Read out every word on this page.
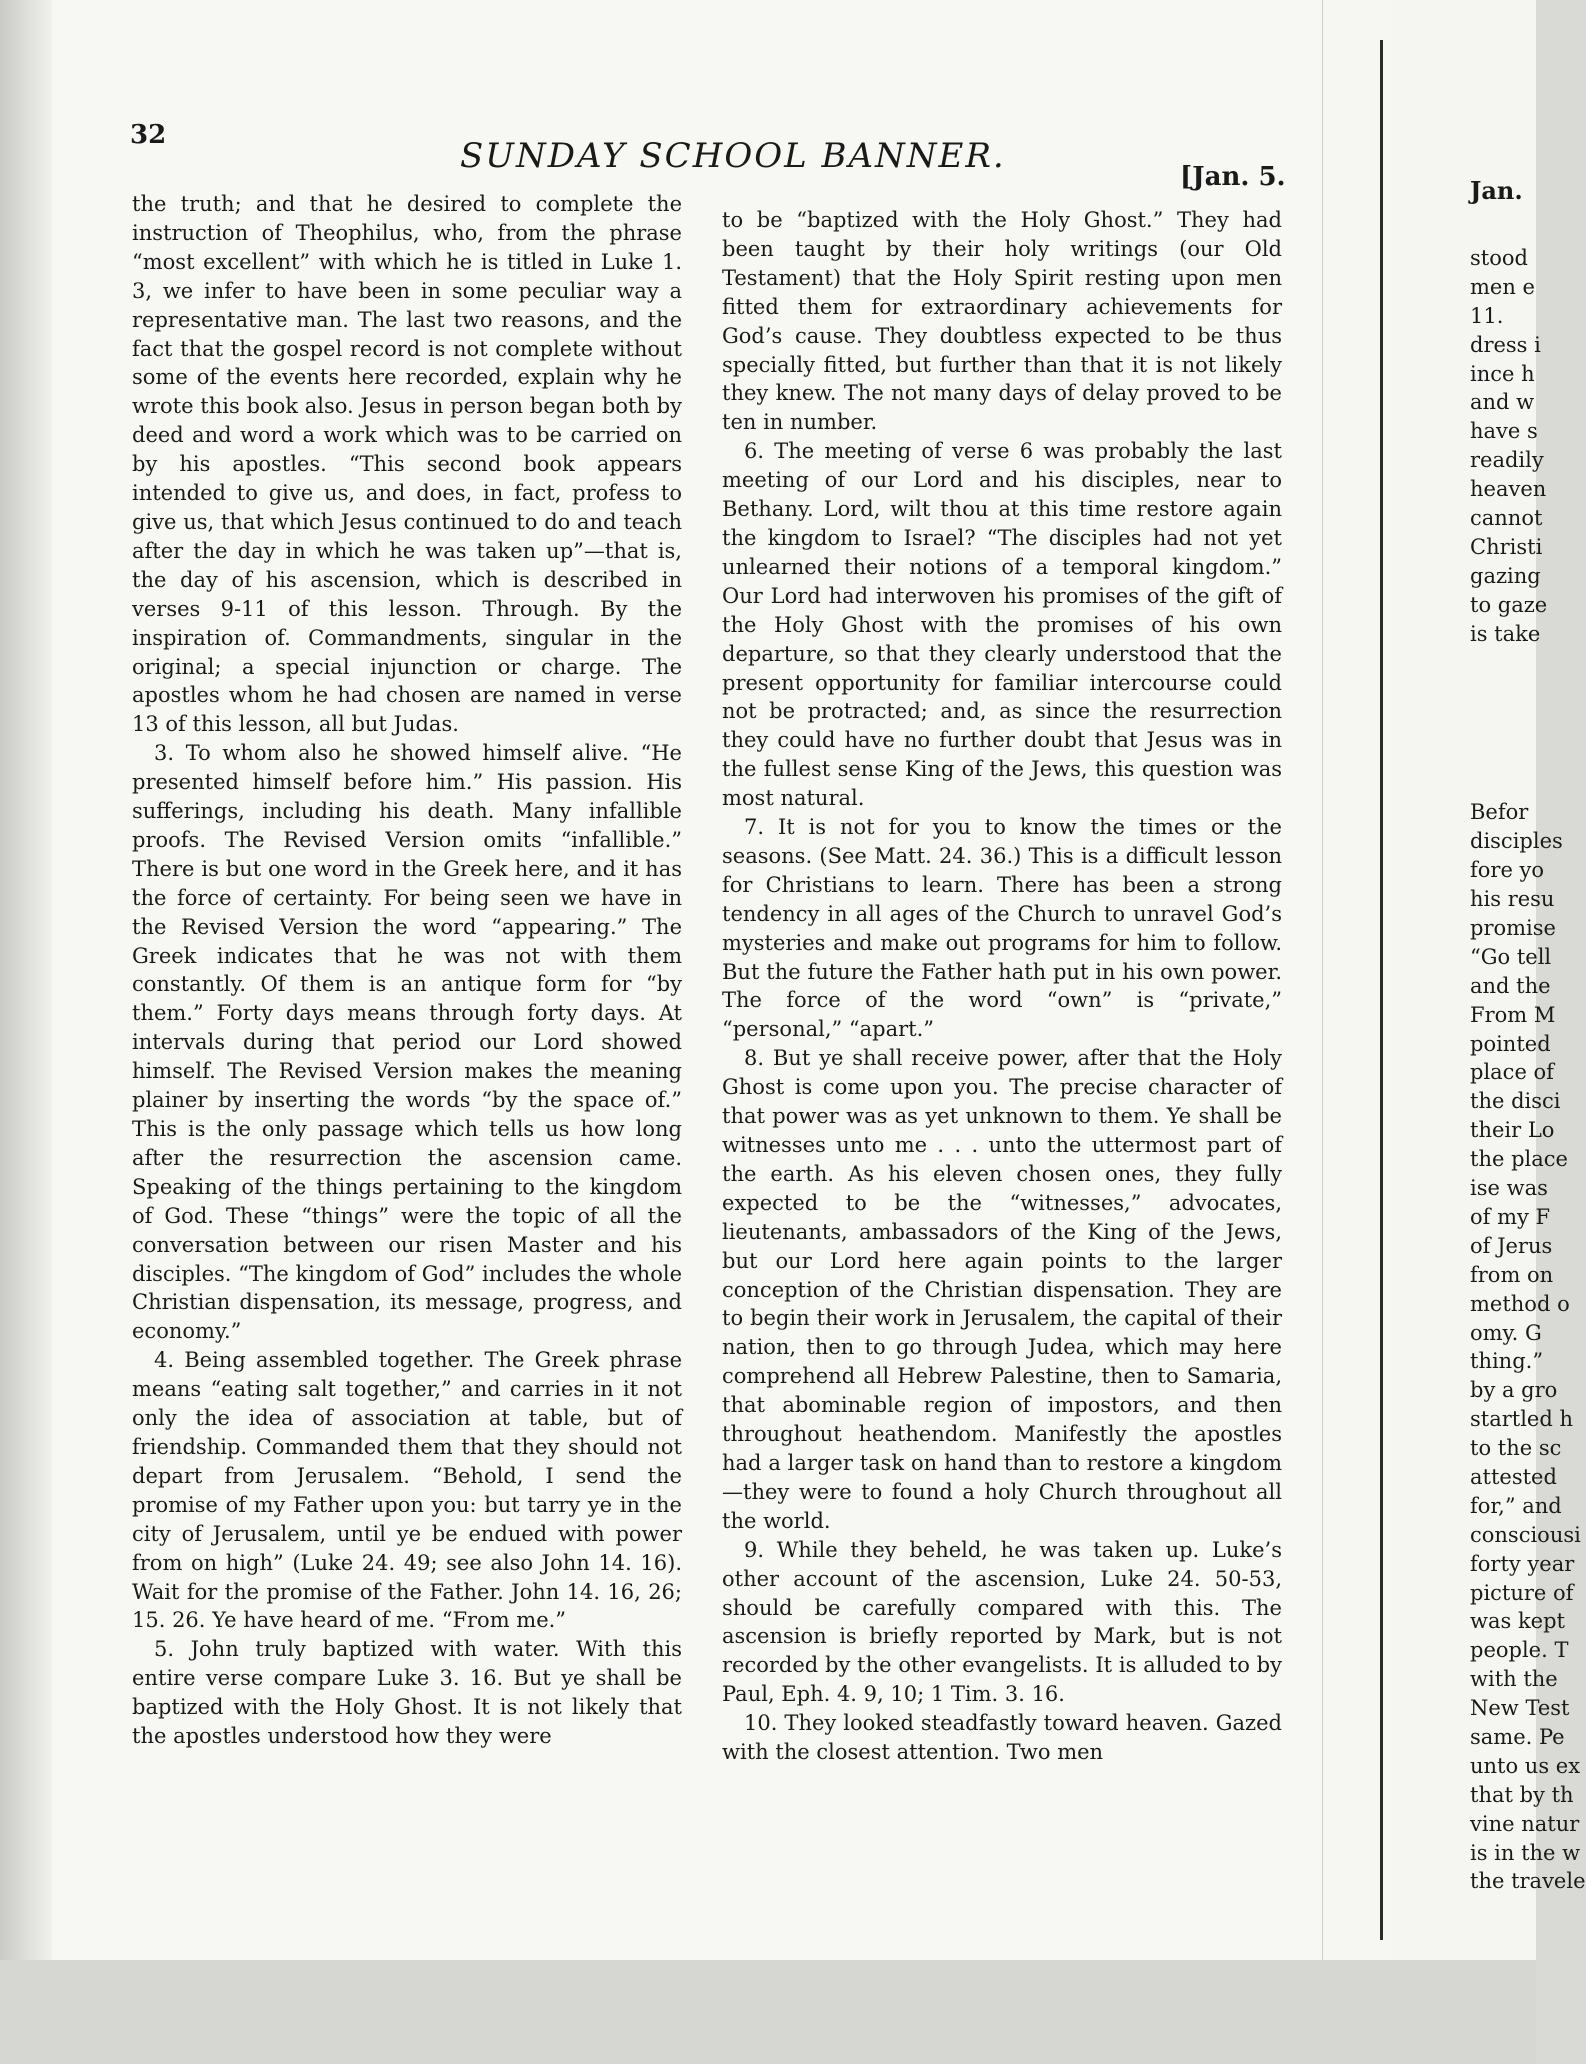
32
SUNDAY SCHOOL BANNER.
[Jan. 5.

the truth; and that he desired to complete the instruction of Theophilus, who, from the phrase “most excellent” with which he is titled in Luke 1. 3, we infer to have been in some peculiar way a representative man. The last two reasons, and the fact that the gospel record is not complete without some of the events here recorded, explain why he wrote this book also. Jesus in person began both by deed and word a work which was to be carried on by his apostles. “This second book appears intended to give us, and does, in fact, profess to give us, that which Jesus continued to do and teach after the day in which he was taken up”—that is, the day of his ascension, which is described in verses 9-11 of this lesson. Through. By the inspiration of. Commandments, singular in the original; a special injunction or charge. The apostles whom he had chosen are named in verse 13 of this lesson, all but Judas.

3. To whom also he showed himself alive. “He presented himself before him.” His passion. His sufferings, including his death. Many infallible proofs. The Revised Version omits “infallible.” There is but one word in the Greek here, and it has the force of certainty. For being seen we have in the Revised Version the word “appearing.” The Greek indicates that he was not with them constantly. Of them is an antique form for “by them.” Forty days means through forty days. At intervals during that period our Lord showed himself. The Revised Version makes the meaning plainer by inserting the words “by the space of.” This is the only passage which tells us how long after the resurrection the ascension came. Speaking of the things pertaining to the kingdom of God. These “things” were the topic of all the conversation between our risen Master and his disciples. “The kingdom of God” includes the whole Christian dispensation, its message, progress, and economy.”

4. Being assembled together. The Greek phrase means “eating salt together,” and carries in it not only the idea of association at table, but of friendship. Commanded them that they should not depart from Jerusalem. “Behold, I send the promise of my Father upon you: but tarry ye in the city of Jerusalem, until ye be endued with power from on high” (Luke 24. 49; see also John 14. 16). Wait for the promise of the Father. John 14. 16, 26; 15. 26. Ye have heard of me. “From me.”

5. John truly baptized with water. With this entire verse compare Luke 3. 16. But ye shall be baptized with the Holy Ghost. It is not likely that the apostles understood how they were

to be “baptized with the Holy Ghost.” They had been taught by their holy writings (our Old Testament) that the Holy Spirit resting upon men fitted them for extraordinary achievements for God’s cause. They doubtless expected to be thus specially fitted, but further than that it is not likely they knew. The not many days of delay proved to be ten in number.

6. The meeting of verse 6 was probably the last meeting of our Lord and his disciples, near to Bethany. Lord, wilt thou at this time restore again the kingdom to Israel? “The disciples had not yet unlearned their notions of a temporal kingdom.” Our Lord had interwoven his promises of the gift of the Holy Ghost with the promises of his own departure, so that they clearly understood that the present opportunity for familiar intercourse could not be protracted; and, as since the resurrection they could have no further doubt that Jesus was in the fullest sense King of the Jews, this question was most natural.

7. It is not for you to know the times or the seasons. (See Matt. 24. 36.) This is a difficult lesson for Christians to learn. There has been a strong tendency in all ages of the Church to unravel God’s mysteries and make out programs for him to follow. But the future the Father hath put in his own power. The force of the word “own” is “private,” “personal,” “apart.”

8. But ye shall receive power, after that the Holy Ghost is come upon you. The precise character of that power was as yet unknown to them. Ye shall be witnesses unto me . . . unto the uttermost part of the earth. As his eleven chosen ones, they fully expected to be the “witnesses,” advocates, lieutenants, ambassadors of the King of the Jews, but our Lord here again points to the larger conception of the Christian dispensation. They are to begin their work in Jerusalem, the capital of their nation, then to go through Judea, which may here comprehend all Hebrew Palestine, then to Samaria, that abominable region of impostors, and then throughout heathendom. Manifestly the apostles had a larger task on hand than to restore a kingdom—they were to found a holy Church throughout all the world.

9. While they beheld, he was taken up. Luke’s other account of the ascension, Luke 24. 50-53, should be carefully compared with this. The ascension is briefly reported by Mark, but is not recorded by the other evangelists. It is alluded to by Paul, Eph. 4. 9, 10; 1 Tim. 3. 16.

10. They looked steadfastly toward heaven. Gazed with the closest attention. Two men

Jan.
stood
men e
11.
dress i
ince h
and w
have s
readily
heaven
cannot
Christi
gazing
to gaze
is take
Befor
disciples
fore yo
his resu
promise
“Go tell
and the
From M
pointed
place of
the disci
their Lo
the place
ise was
of my F
of Jerus
from on
method o
omy. G
thing.”
by a gro
startled h
to the sc
attested
for,” and
consciousi
forty year
picture of
was kept
people. T
with the
New Test
same. Pe
unto us ex
that by th
vine natur
is in the w
the travele
